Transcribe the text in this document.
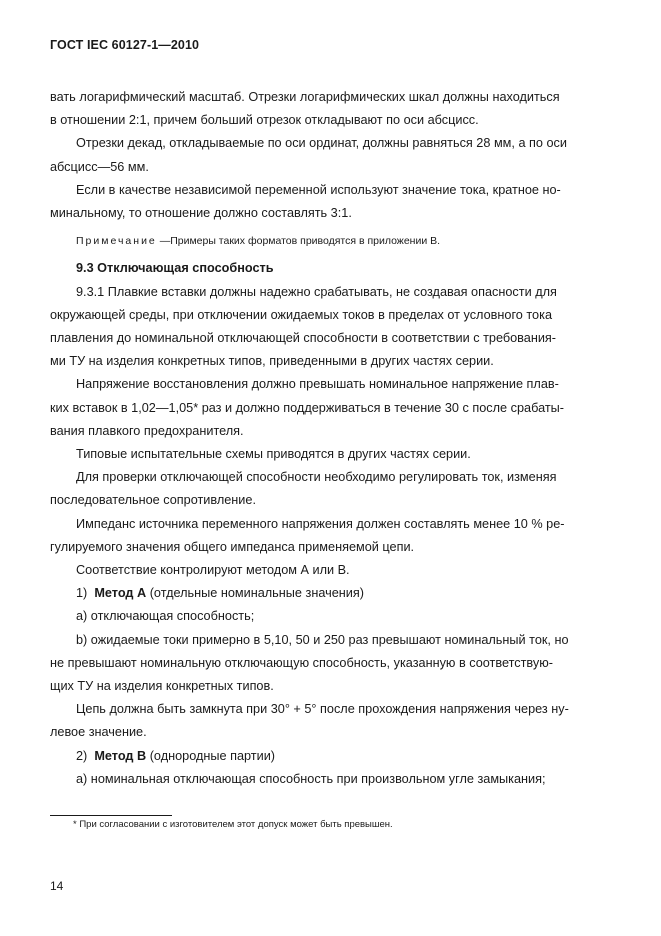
ГОСТ IEC 60127-1—2010

вать логарифмический масштаб. Отрезки логарифмических шкал должны находиться

в отношении 2:1, причем больший отрезок откладывают по оси абсцисс.

Отрезки декад, откладываемые по оси ординат, должны равняться 28 мм, а по оси

абсцисс—56 мм.

Если в качестве независимой переменной используют значение тока, кратное но-

минальному, то отношение должно составлять 3:1.

Примечание —Примеры таких форматов приводятся в приложении В.

9.3 Отключающая способность

9.3.1 Плавкие вставки должны надежно срабатывать, не создавая опасности для

окружающей среды, при отключении ожидаемых токов в пределах от условного тока

плавления до номинальной отключающей способности в соответствии с требования-

ми ТУ на изделия конкретных типов, приведенными в других частях серии.

Напряжение восстановления должно превышать номинальное напряжение плав-

ких вставок в 1,02—1,05* раз и должно поддерживаться в течение 30 с после срабаты-

вания плавкого предохранителя.

Типовые испытательные схемы приводятся в других частях серии.

Для проверки отключающей способности необходимо регулировать ток, изменяя

последовательное сопротивление.

Импеданс источника переменного напряжения должен составлять менее 10 % ре-

гулируемого значения общего импеданса применяемой цепи.

Соответствие контролируют методом А или В.

1)  Метод А (отдельные номинальные значения)

a) отключающая способность;

b) ожидаемые токи примерно в 5,10, 50 и 250 раз превышают номинальный ток, но

не превышают номинальную отключающую способность, указанную в соответствую-

щих ТУ на изделия конкретных типов.

Цепь должна быть замкнута при 30° + 5° после прохождения напряжения через ну-

левое значение.

2)  Метод В (однородные партии)

а) номинальная отключающая способность при произвольном угле замыкания;

* При согласовании с изготовителем этот допуск может быть превышен.
14
